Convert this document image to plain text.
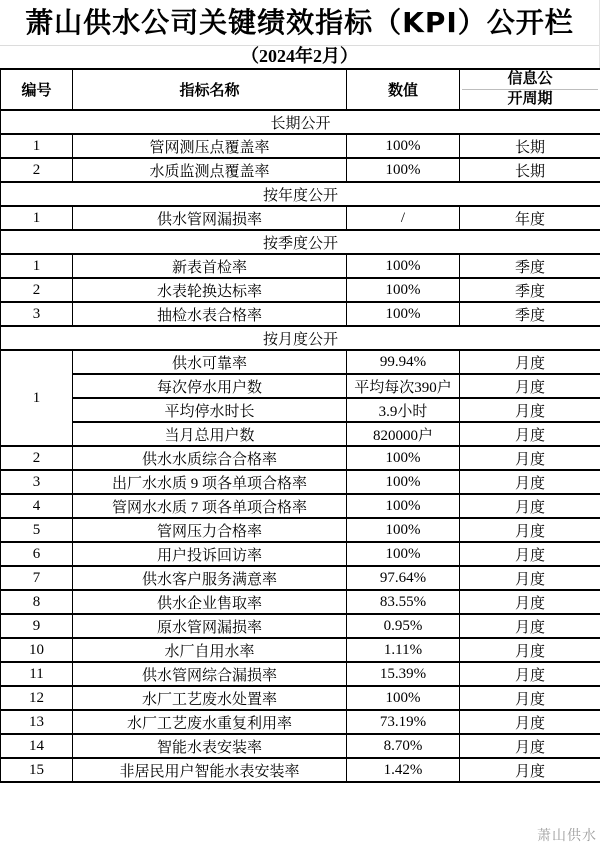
萧山供水公司关键绩效指标（KPI）公开栏
（2024年2月）
编号	指标名称	数值	信息公
开周期

长期公开			
1	管网测压点覆盖率	100%	长期
2	水质监测点覆盖率	100%	长期
按年度公开			
1	供水管网漏损率	/	年度
按季度公开			
1	新表首检率	100%	季度
2	水表轮换达标率	100%	季度
3	抽检水表合格率	100%	季度
按月度公开			
1	供水可靠率	99.94%	月度
	每次停水用户数	平均每次390户	月度
	平均停水时长	3.9小时	月度
	当月总用户数	820000户	月度
2	供水水质综合合格率	100%	月度
3	出厂水水质 9 项各单项合格率	100%	月度
4	管网水水质 7 项各单项合格率	100%	月度
5	管网压力合格率	100%	月度
6	用户投诉回访率	100%	月度
7	供水客户服务满意率	97.64%	月度
8	供水企业售取率	83.55%	月度
9	原水管网漏损率	0.95%	月度
10	水厂自用水率	1.11%	月度
11	供水管网综合漏损率	15.39%	月度
12	水厂工艺废水处置率	100%	月度
13	水厂工艺废水重复利用率	73.19%	月度
14	智能水表安装率	8.70%	月度
15	非居民用户智能水表安装率	1.42%	月度
萧山供水
